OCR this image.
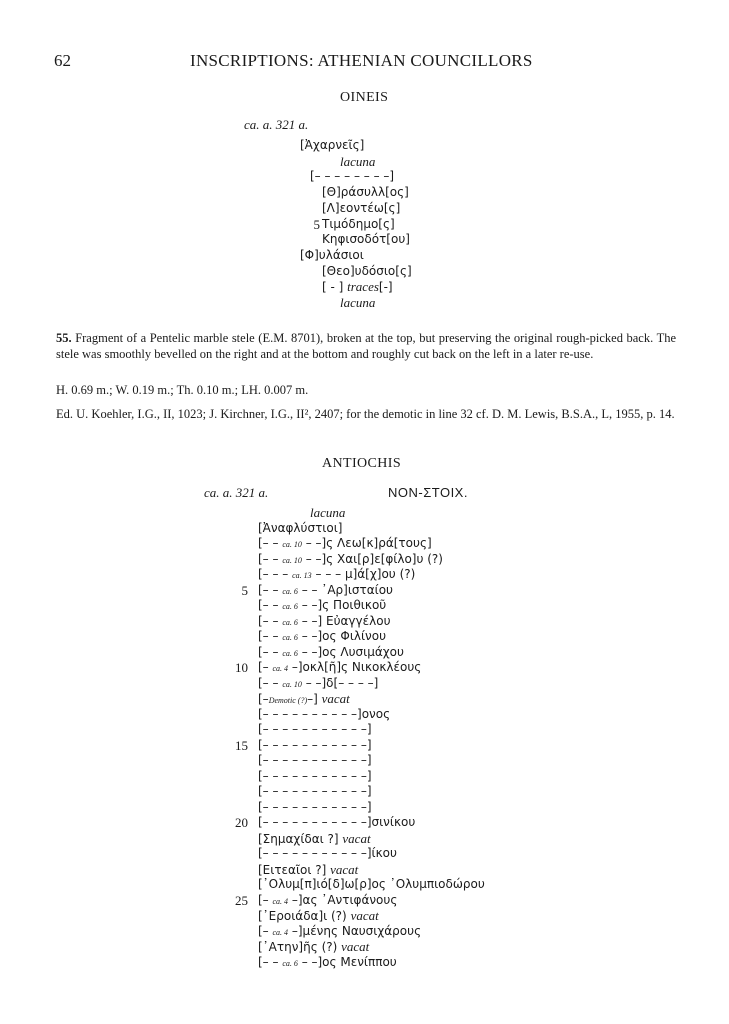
62	INSCRIPTIONS: ATHENIAN COUNCILLORS
OINEIS
ca. a. 321 a.
[Ἀχαρνεῖς]
lacuna
[– – – – – – – –]
[Θ]ράσυλλ[ος]
[Λ]εοντέω[ς]
5 Τιμόδημο[ς]
Κηφισοδότ[ου]
[Φ]υλάσιοι
[Θεο]υδόσιο[ς]
[ - ] traces[-]
lacuna
55. Fragment of a Pentelic marble stele (E.M. 8701), broken at the top, but preserving the original rough-picked back. The stele was smoothly bevelled on the right and at the bottom and roughly cut back on the left in a later re-use.
H. 0.69 m.; W. 0.19 m.; Th. 0.10 m.; LH. 0.007 m.
Ed. U. Koehler, I.G., II, 1023; J. Kirchner, I.G., II², 2407; for the demotic in line 32 cf. D. M. Lewis, B.S.A., L, 1955, p. 14.
ANTIOCHIS
ca. a. 321 a.	NON-ΣΤΟΙΧ.
lacuna
[Ἀναφλύστιοι]
[– – ca. 10 – –]ς Λεω[κ]ρά[τους]
[– – ca. 10 – –]ς Χαι[ρ]ε[φίλο]υ (?)
[– – – ca. 13 – – – μ]ά[χ]ου (?)
5 [– – ca. 6 – – ᾽Αρ]ισταίου
[– – ca. 6 – –]ς Ποιθικοῦ
[– – ca. 6 – –] Εὐαγγέλου
[– – ca. 6 – –]ος Φιλίνου
[– – ca. 6 – –]ος Λυσιμάχου
10 [– ca. 4 –]οκλ[ῆ]ς Νικοκλέους
[– – ca. 10 – –]δ[– – – –]
[–Demotic (?)–] vacat
[– – – – – – – – – –]ονος
[– – – – – – – – – – –]
15 [– – – – – – – – – – –]
[– – – – – – – – – – –]
[– – – – – – – – – – –]
[– – – – – – – – – – –]
[– – – – – – – – – – –]
20 [– – – – – – – – – – –]σινίκου
[Σημαχίδαι ?] vacat
[– – – – – – – – – – –]ίκου
[Ειτεαῖοι ?] vacat
[᾽Ολυμ[π]ιό[δ]ω[ρ]ος ᾽Ολυμπιοδώρου
25 [– ca. 4 –]ας ᾽Αντιφάνους
[᾽Εροιάδα]ι (?) vacat
[– ca. 4 –]μένης Ναυσιχάρους
[᾽Ατην]ῆς (?) vacat
[– – ca. 6 – –]ος Μενίππου
